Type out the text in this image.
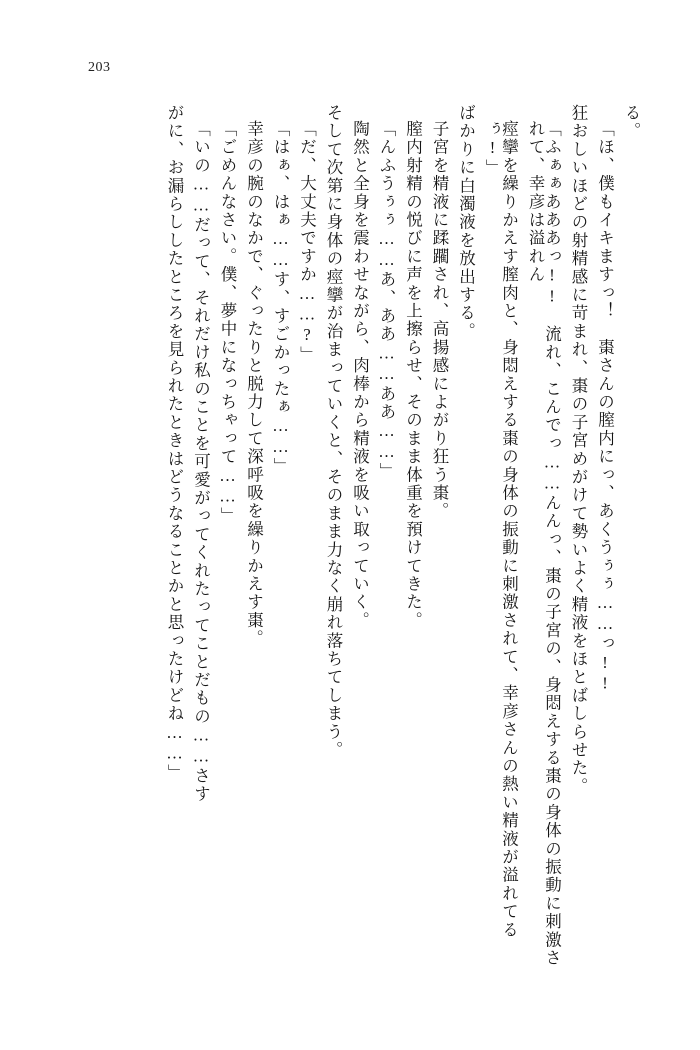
203
る。
「ほ、僕もイキますっ！　棗さんの膣内にっ、あくうぅぅ……っ!!
狂おしいほどの射精感に苛まれ、棗の子宮めがけて勢いよく精液をほとばしらせた。
「ふぁぁあああっ!!　流れ、こんでっ……んんっ、棗の子宮の、身悶えする棗の身体の振動に刺激されて、幸彦は溢れん
痙攣を繰りかえす膣肉と、身悶えする棗の身体の振動に刺激されて、幸彦さんの熱い精液が溢れてるぅ!」
ばかりに白濁液を放出する。
子宮を精液に蹂躙され、高揚感によがり狂う棗。
膣内射精の悦びに声を上擦らせ、そのまま体重を預けてきた。
「んふうぅぅ……あ、ああ……ああ……」
陶然と全身を震わせながら、肉棒から精液を吸い取っていく。
そして次第に身体の痙攣が治まっていくと、そのまま力なく崩れ落ちてしまう。
「だ、大丈夫ですか……?」
「はぁ、はぁ……す、すごかったぁ……」
幸彦の腕のなかで、ぐったりと脱力して深呼吸を繰りかえす棗。
「ごめんなさい。僕、夢中になっちゃって……」
「いの……だって、それだけ私のことを可愛がってくれたってことだもの……さす
がに、お漏らししたところを見られたときはどうなることかと思ったけどね……」
